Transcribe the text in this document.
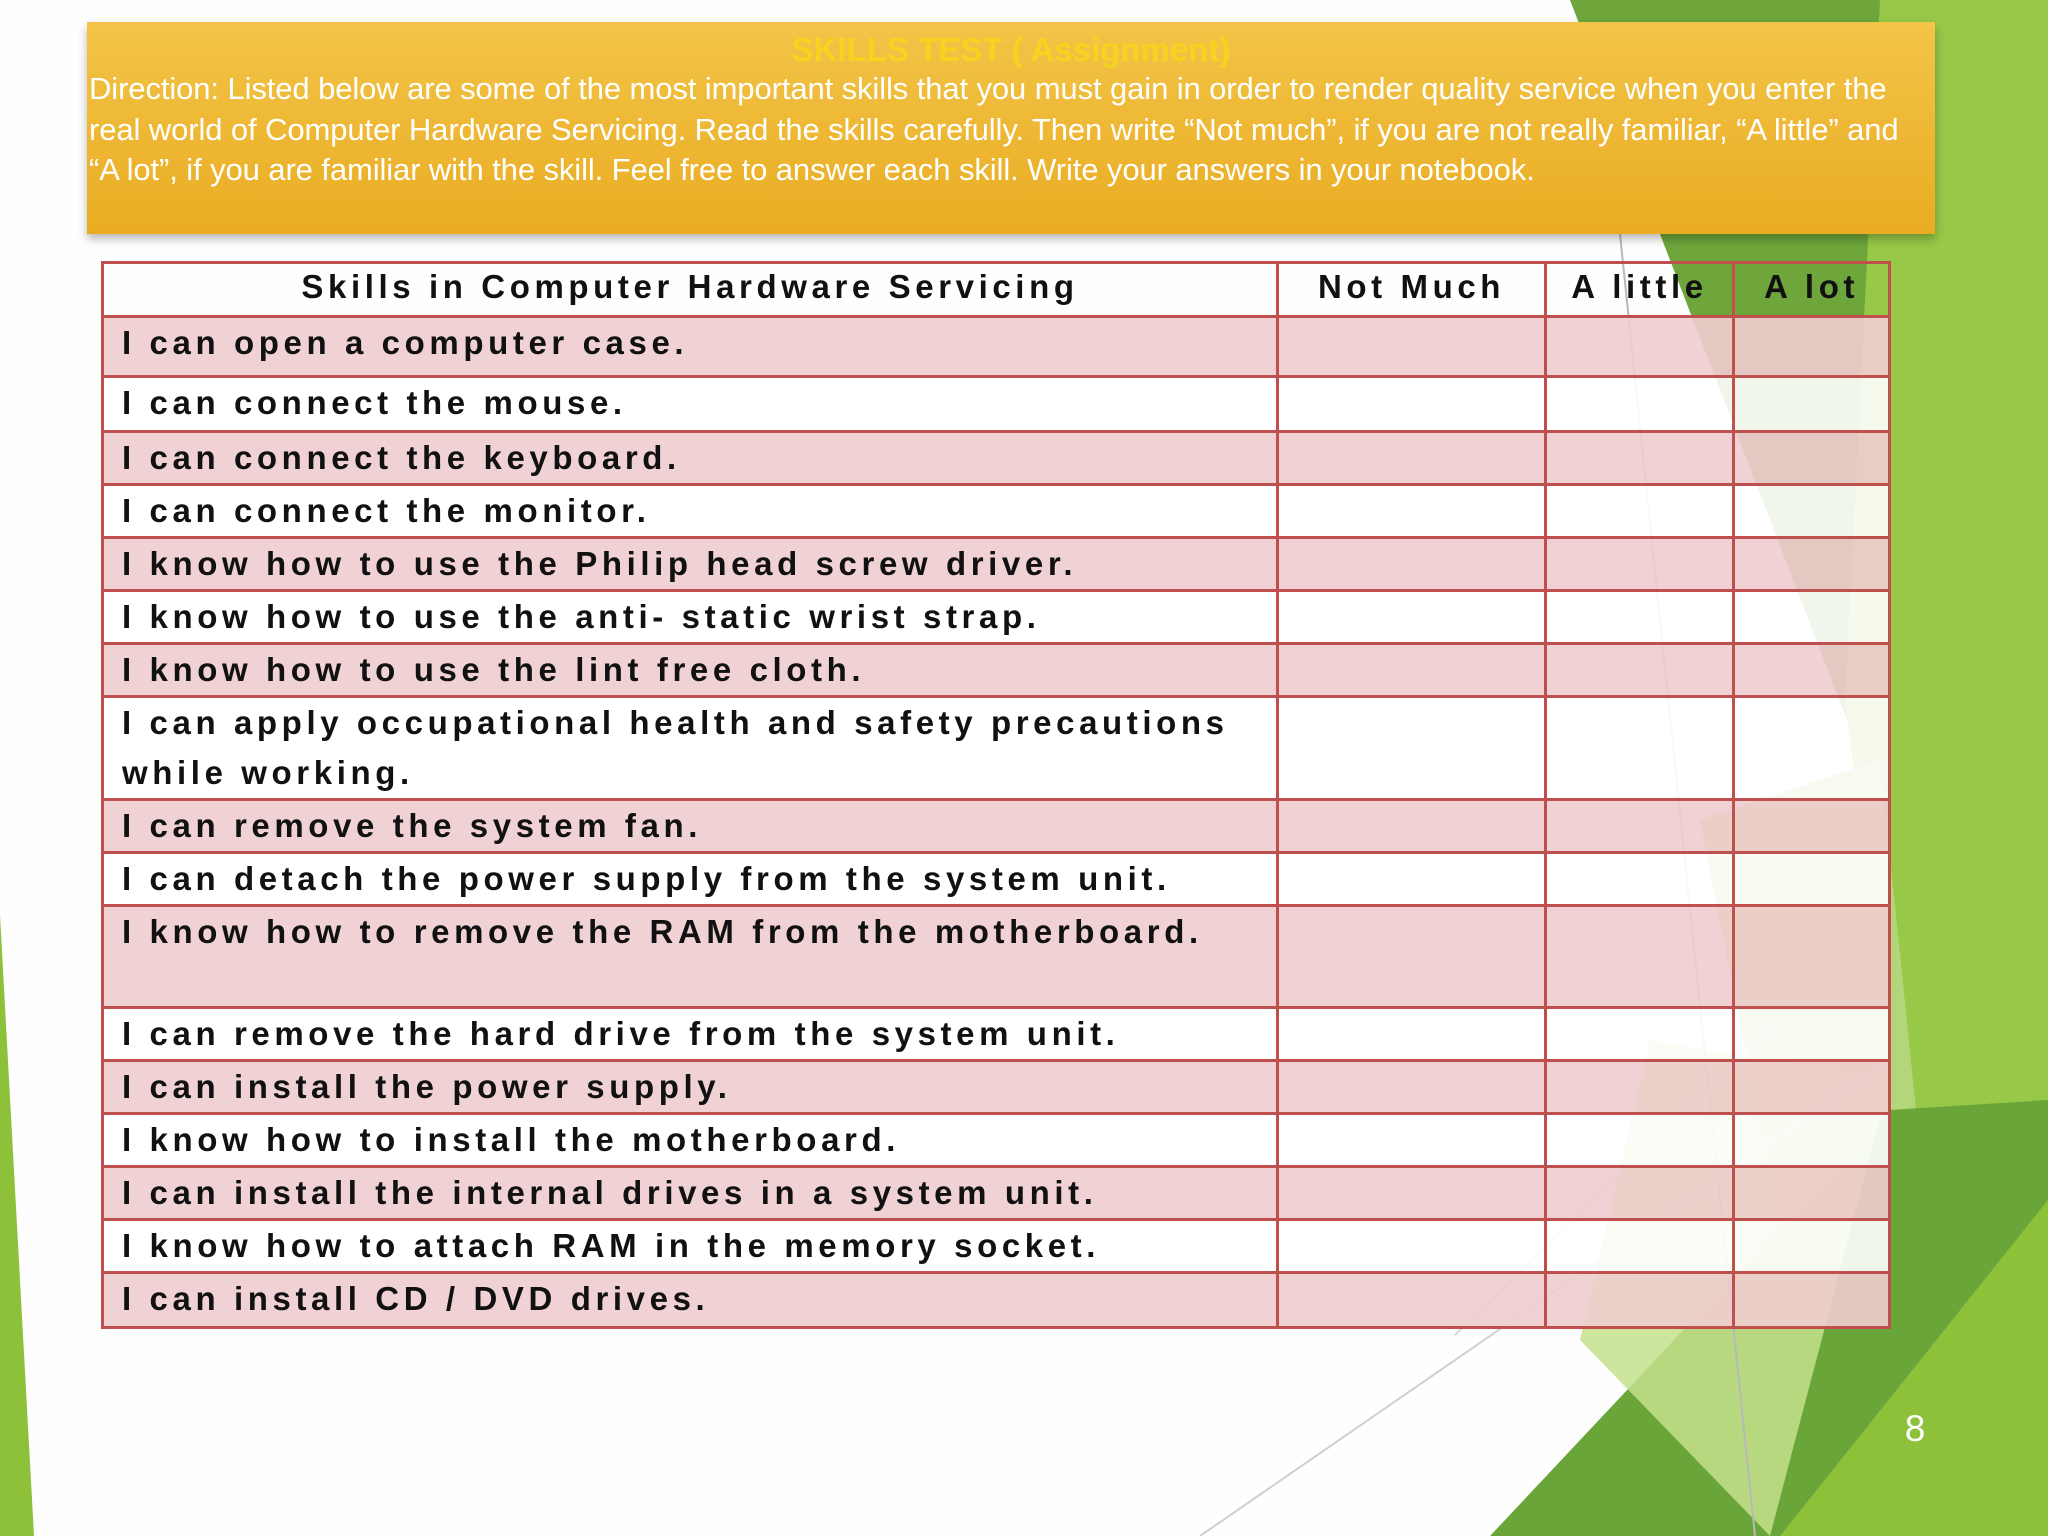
SKILLS TEST ( Assignment)
Direction: Listed below are some of the most important skills that you must gain in order to render quality service when you enter the real world of Computer Hardware Servicing. Read the skills carefully. Then write “Not much”, if you are not really familiar, “A little” and “A lot”, if you are familiar with the skill. Feel free to answer each skill. Write your answers in your notebook.
Skills in Computer Hardware Servicing	Not Much	A little	A lot
I can open a computer case.			
I can connect the mouse.			
I can connect the keyboard.			
I can connect the monitor.			
I know how to use the Philip head screw driver.			
I know how to use the anti- static wrist strap.			
I know how to use the lint free cloth.			
I can apply occupational health and safety precautions while working.			
I can remove the system fan.			
I can detach the power supply from the system unit.			
I know how to remove the RAM from the motherboard.			
I can remove the hard drive from the system unit.			
I can install the power supply.			
I know how to install the motherboard.			
I can install the internal drives in a system unit.			
I know how to attach RAM in the memory socket.			
I can install CD / DVD drives.			
8
